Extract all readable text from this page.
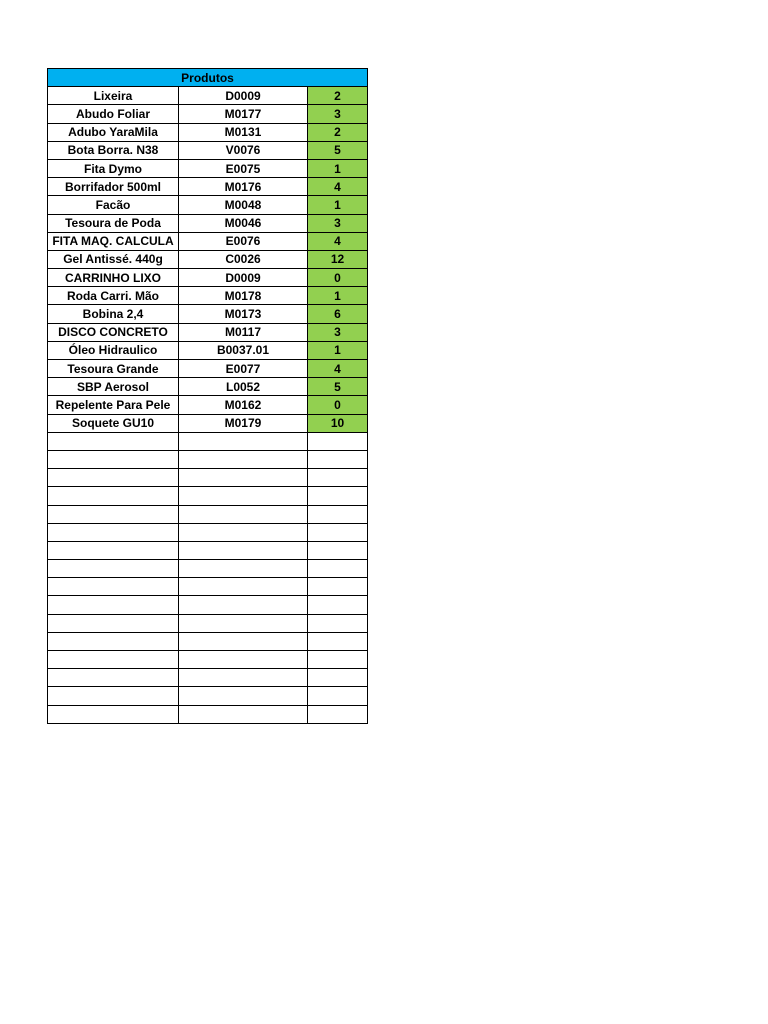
Produtos		
Lixeira	D0009	2
Abudo Foliar	M0177	3
Adubo YaraMila	M0131	2
Bota Borra. N38	V0076	5
Fita Dymo	E0075	1
Borrifador 500ml	M0176	4
Facão	M0048	1
Tesoura de Poda	M0046	3
FITA MAQ. CALCULA	E0076	4
Gel Antissé. 440g	C0026	12
CARRINHO LIXO	D0009	0
Roda Carri. Mão	M0178	1
Bobina 2,4	M0173	6
DISCO CONCRETO	M0117	3
Óleo Hidraulico	B0037.01	1
Tesoura Grande	E0077	4
SBP Aerosol	L0052	5
Repelente Para Pele	M0162	0
Soquete GU10	M0179	10
